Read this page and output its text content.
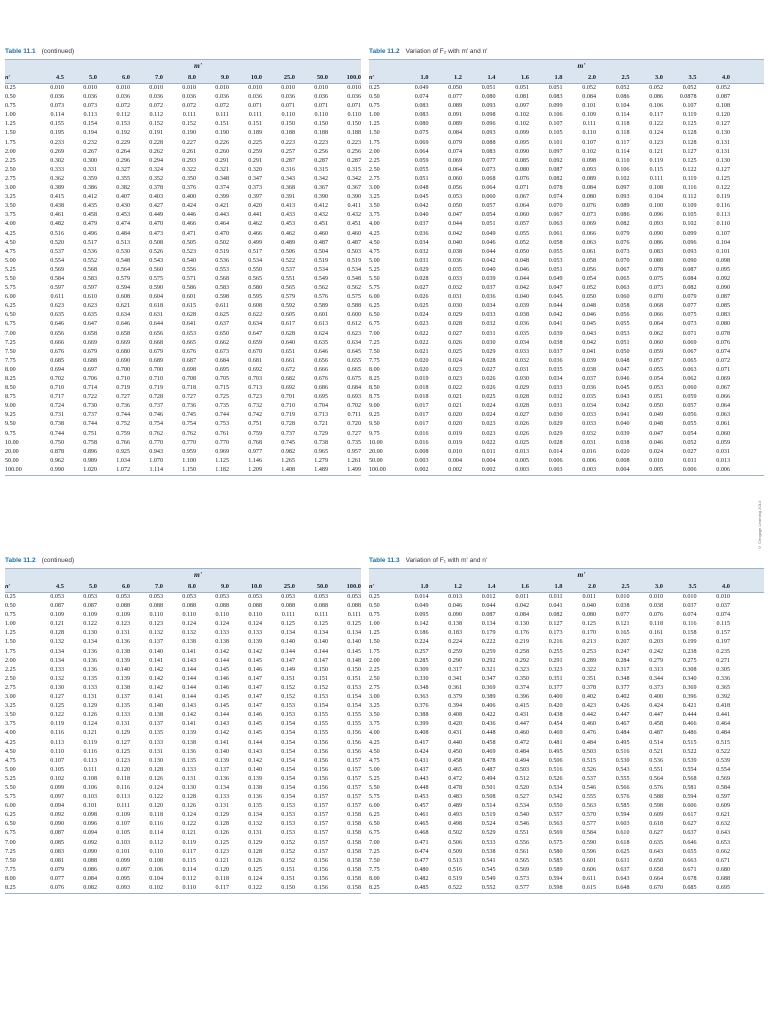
Table 11.1 (continued)
m'
n'	4.5	5.0	6.0	7.0	8.0	9.0	10.0	25.0	50.0	100.0
0.25	0.010	0.010	0.010	0.010	0.010	0.010	0.010	0.010	0.010	0.010
0.50	0.036	0.036	0.036	0.036	0.036	0.036	0.036	0.036	0.036	0.036
0.75	0.073	0.073	0.072	0.072	0.072	0.072	0.071	0.071	0.071	0.071
1.00	0.114	0.113	0.112	0.112	0.111	0.111	0.111	0.110	0.110	0.110
1.25	0.155	0.154	0.153	0.152	0.152	0.151	0.151	0.150	0.150	0.150
1.50	0.195	0.194	0.192	0.191	0.190	0.190	0.189	0.188	0.188	0.188
1.75	0.233	0.232	0.229	0.228	0.227	0.226	0.225	0.223	0.223	0.223
2.00	0.269	0.267	0.264	0.262	0.261	0.260	0.259	0.257	0.256	0.256
2.25	0.302	0.300	0.296	0.294	0.293	0.291	0.291	0.287	0.287	0.287
2.50	0.333	0.331	0.327	0.324	0.322	0.321	0.320	0.316	0.315	0.315
2.75	0.362	0.359	0.355	0.352	0.350	0.348	0.347	0.343	0.342	0.342
3.00	0.389	0.386	0.382	0.378	0.376	0.374	0.373	0.368	0.367	0.367
3.25	0.415	0.412	0.407	0.403	0.400	0.399	0.397	0.391	0.390	0.390
3.50	0.438	0.435	0.430	0.427	0.424	0.421	0.420	0.413	0.412	0.411
3.75	0.461	0.458	0.453	0.449	0.446	0.443	0.441	0.433	0.432	0.432
4.00	0.482	0.479	0.474	0.470	0.466	0.464	0.462	0.453	0.451	0.451
4.25	0.516	0.496	0.484	0.473	0.471	0.470	0.466	0.462	0.460	0.460
4.50	0.520	0.517	0.513	0.508	0.505	0.502	0.499	0.489	0.487	0.487
4.75	0.537	0.536	0.530	0.526	0.523	0.519	0.517	0.506	0.504	0.503
5.00	0.554	0.552	0.548	0.543	0.540	0.536	0.534	0.522	0.519	0.519
5.25	0.569	0.568	0.564	0.560	0.556	0.553	0.550	0.537	0.534	0.534
5.50	0.584	0.583	0.579	0.575	0.571	0.568	0.565	0.551	0.549	0.548
5.75	0.597	0.597	0.594	0.590	0.586	0.583	0.580	0.565	0.562	0.562
6.00	0.611	0.610	0.608	0.604	0.601	0.598	0.595	0.579	0.576	0.575
6.25	0.623	0.623	0.621	0.618	0.615	0.611	0.608	0.592	0.589	0.588
6.50	0.635	0.635	0.634	0.631	0.628	0.625	0.622	0.605	0.601	0.600
6.75	0.646	0.647	0.646	0.644	0.641	0.637	0.634	0.617	0.613	0.612
7.00	0.656	0.658	0.658	0.656	0.653	0.650	0.647	0.628	0.624	0.623
7.25	0.666	0.669	0.669	0.668	0.665	0.662	0.659	0.640	0.635	0.634
7.50	0.676	0.679	0.680	0.679	0.676	0.673	0.670	0.651	0.646	0.645
7.75	0.685	0.688	0.690	0.689	0.687	0.684	0.681	0.661	0.656	0.655
8.00	0.694	0.697	0.700	0.700	0.698	0.695	0.692	0.672	0.666	0.665
8.25	0.702	0.706	0.710	0.710	0.708	0.705	0.703	0.682	0.676	0.675
8.50	0.710	0.714	0.719	0.719	0.718	0.715	0.713	0.692	0.686	0.684
8.75	0.717	0.722	0.727	0.728	0.727	0.725	0.723	0.701	0.695	0.693
9.00	0.724	0.730	0.736	0.737	0.736	0.735	0.732	0.710	0.704	0.702
9.25	0.731	0.737	0.744	0.746	0.745	0.744	0.742	0.719	0.713	0.711
9.50	0.738	0.744	0.752	0.754	0.754	0.753	0.751	0.728	0.721	0.720
9.75	0.744	0.751	0.759	0.762	0.762	0.761	0.759	0.737	0.729	0.727
10.00	0.750	0.758	0.766	0.770	0.770	0.770	0.768	0.745	0.738	0.735
20.00	0.878	0.896	0.925	0.943	0.959	0.969	0.977	0.982	0.965	0.957
50.00	0.962	0.989	1.034	1.070	1.100	1.125	1.146	1.265	1.279	1.261
100.00	0.990	1.020	1.072	1.114	1.150	1.182	1.209	1.408	1.489	1.499
Table 11.2 Variation of F₂ with m' and n'
m'
n'	1.0	1.2	1.4	1.6	1.8	2.0	2.5	3.0	3.5	4.0
0.25	0.049	0.050	0.051	0.051	0.051	0.052	0.052	0.052	0.052	0.052
0.50	0.074	0.077	0.080	0.081	0.083	0.084	0.086	0.086	0.0878	0.087
0.75	0.083	0.089	0.093	0.097	0.099	0.101	0.104	0.106	0.107	0.108
1.00	0.083	0.091	0.098	0.102	0.106	0.109	0.114	0.117	0.119	0.120
1.25	0.080	0.089	0.096	0.102	0.107	0.111	0.118	0.122	0.125	0.127
1.50	0.075	0.084	0.093	0.099	0.105	0.110	0.118	0.124	0.128	0.130
1.75	0.069	0.079	0.088	0.095	0.101	0.107	0.117	0.123	0.128	0.131
2.00	0.064	0.074	0.083	0.090	0.097	0.102	0.114	0.121	0.127	0.131
2.25	0.059	0.069	0.077	0.085	0.092	0.098	0.110	0.119	0.125	0.130
2.50	0.055	0.064	0.073	0.080	0.087	0.093	0.106	0.115	0.122	0.127
2.75	0.051	0.060	0.068	0.076	0.082	0.089	0.102	0.111	0.119	0.125
3.00	0.048	0.056	0.064	0.071	0.078	0.084	0.097	0.108	0.116	0.122
3.25	0.045	0.053	0.060	0.067	0.074	0.080	0.093	0.104	0.112	0.119
3.50	0.042	0.050	0.057	0.064	0.070	0.076	0.089	0.100	0.109	0.116
3.75	0.040	0.047	0.054	0.060	0.067	0.073	0.086	0.096	0.105	0.113
4.00	0.037	0.044	0.051	0.057	0.063	0.069	0.082	0.093	0.102	0.110
4.25	0.036	0.042	0.049	0.055	0.061	0.066	0.079	0.090	0.099	0.107
4.50	0.034	0.040	0.046	0.052	0.058	0.063	0.076	0.086	0.096	0.104
4.75	0.032	0.038	0.044	0.050	0.055	0.061	0.073	0.083	0.093	0.101
5.00	0.031	0.036	0.042	0.048	0.053	0.058	0.070	0.080	0.090	0.098
5.25	0.029	0.035	0.040	0.046	0.051	0.056	0.067	0.078	0.087	0.095
5.50	0.028	0.033	0.039	0.044	0.049	0.054	0.065	0.075	0.084	0.092
5.75	0.027	0.032	0.037	0.042	0.047	0.052	0.063	0.073	0.082	0.090
6.00	0.026	0.031	0.036	0.040	0.045	0.050	0.060	0.070	0.079	0.087
6.25	0.025	0.030	0.034	0.039	0.044	0.048	0.058	0.068	0.077	0.085
6.50	0.024	0.029	0.033	0.038	0.042	0.046	0.056	0.066	0.075	0.083
6.75	0.023	0.028	0.032	0.036	0.041	0.045	0.055	0.064	0.073	0.080
7.00	0.022	0.027	0.031	0.035	0.039	0.043	0.053	0.062	0.071	0.078
7.25	0.022	0.026	0.030	0.034	0.038	0.042	0.051	0.060	0.069	0.076
7.50	0.021	0.025	0.029	0.033	0.037	0.041	0.050	0.059	0.067	0.074
7.75	0.020	0.024	0.028	0.032	0.036	0.039	0.048	0.057	0.065	0.072
8.00	0.020	0.023	0.027	0.031	0.035	0.038	0.047	0.055	0.063	0.071
8.25	0.019	0.023	0.026	0.030	0.034	0.037	0.046	0.054	0.062	0.069
8.50	0.018	0.022	0.026	0.029	0.033	0.036	0.045	0.053	0.060	0.067
8.75	0.018	0.021	0.025	0.028	0.032	0.035	0.043	0.051	0.059	0.066
9.00	0.017	0.021	0.024	0.028	0.031	0.034	0.042	0.050	0.057	0.064
9.25	0.017	0.020	0.024	0.027	0.030	0.033	0.041	0.049	0.056	0.063
9.50	0.017	0.020	0.023	0.026	0.029	0.033	0.040	0.048	0.055	0.061
9.75	0.016	0.019	0.023	0.026	0.029	0.032	0.039	0.047	0.054	0.060
10.00	0.016	0.019	0.022	0.025	0.028	0.031	0.038	0.046	0.052	0.059
20.00	0.008	0.010	0.011	0.013	0.014	0.016	0.020	0.024	0.027	0.031
50.00	0.003	0.004	0.004	0.005	0.006	0.006	0.008	0.010	0.011	0.013
100.00	0.002	0.002	0.002	0.003	0.003	0.003	0.004	0.005	0.006	0.006
Table 11.2 (continued)
m'
n'	4.5	5.0	6.0	7.0	8.0	9.0	10.0	25.0	50.0	100.0
0.25	0.053	0.053	0.053	0.053	0.053	0.053	0.053	0.053	0.053	0.053
0.50	0.087	0.087	0.088	0.088	0.088	0.088	0.088	0.088	0.088	0.088
0.75	0.109	0.109	0.109	0.110	0.110	0.110	0.110	0.111	0.111	0.111
1.00	0.121	0.122	0.123	0.123	0.124	0.124	0.124	0.125	0.125	0.125
1.25	0.128	0.130	0.131	0.132	0.132	0.133	0.133	0.134	0.134	0.134
1.50	0.132	0.134	0.136	0.137	0.138	0.138	0.139	0.140	0.140	0.140
1.75	0.134	0.136	0.138	0.140	0.141	0.142	0.142	0.144	0.144	0.145
2.00	0.134	0.136	0.139	0.141	0.143	0.144	0.145	0.147	0.147	0.148
2.25	0.133	0.136	0.140	0.142	0.144	0.145	0.146	0.149	0.150	0.150
2.50	0.132	0.135	0.139	0.142	0.144	0.146	0.147	0.151	0.151	0.151
2.75	0.130	0.133	0.138	0.142	0.144	0.146	0.147	0.152	0.152	0.153
3.00	0.127	0.131	0.137	0.141	0.144	0.145	0.147	0.152	0.153	0.154
3.25	0.125	0.129	0.135	0.140	0.143	0.145	0.147	0.153	0.154	0.154
3.50	0.122	0.126	0.133	0.138	0.142	0.144	0.146	0.153	0.155	0.155
3.75	0.119	0.124	0.131	0.137	0.141	0.143	0.145	0.154	0.155	0.155
4.00	0.116	0.121	0.129	0.135	0.139	0.142	0.145	0.154	0.155	0.156
4.25	0.113	0.119	0.127	0.133	0.138	0.141	0.144	0.154	0.156	0.156
4.50	0.110	0.116	0.125	0.131	0.136	0.140	0.143	0.154	0.156	0.156
4.75	0.107	0.113	0.123	0.130	0.135	0.139	0.142	0.154	0.156	0.157
5.00	0.105	0.111	0.120	0.128	0.133	0.137	0.140	0.154	0.156	0.157
5.25	0.102	0.108	0.118	0.126	0.131	0.136	0.139	0.154	0.156	0.157
5.50	0.099	0.106	0.116	0.124	0.130	0.134	0.138	0.154	0.156	0.157
5.75	0.097	0.103	0.113	0.122	0.128	0.133	0.136	0.154	0.157	0.157
6.00	0.094	0.101	0.111	0.120	0.126	0.131	0.135	0.153	0.157	0.157
6.25	0.092	0.098	0.109	0.118	0.124	0.129	0.134	0.153	0.157	0.158
6.50	0.090	0.096	0.107	0.116	0.122	0.128	0.132	0.153	0.157	0.158
6.75	0.087	0.094	0.105	0.114	0.121	0.126	0.131	0.153	0.157	0.158
7.00	0.085	0.092	0.103	0.112	0.119	0.125	0.129	0.152	0.157	0.158
7.25	0.083	0.090	0.101	0.110	0.117	0.123	0.128	0.152	0.157	0.158
7.50	0.081	0.088	0.099	0.108	0.115	0.121	0.126	0.152	0.156	0.158
7.75	0.079	0.086	0.097	0.106	0.114	0.120	0.125	0.151	0.156	0.158
8.00	0.077	0.084	0.095	0.104	0.112	0.118	0.124	0.151	0.156	0.158
8.25	0.076	0.082	0.093	0.102	0.110	0.117	0.122	0.150	0.156	0.158
Table 11.3 Variation of F₁ with m' and n'
m'
n'	1.0	1.2	1.4	1.6	1.8	2.0	2.5	3.0	3.5	4.0
0.25	0.014	0.013	0.012	0.011	0.011	0.011	0.010	0.010	0.010	0.010
0.50	0.049	0.046	0.044	0.042	0.041	0.040	0.038	0.038	0.037	0.037
0.75	0.095	0.090	0.087	0.084	0.082	0.080	0.077	0.076	0.074	0.074
1.00	0.142	0.138	0.134	0.130	0.127	0.125	0.121	0.118	0.116	0.115
1.25	0.186	0.183	0.179	0.176	0.173	0.170	0.165	0.161	0.158	0.157
1.50	0.224	0.224	0.222	0.219	0.216	0.213	0.207	0.203	0.199	0.197
1.75	0.257	0.259	0.259	0.258	0.255	0.253	0.247	0.242	0.238	0.235
2.00	0.285	0.290	0.292	0.292	0.291	0.289	0.284	0.279	0.275	0.271
2.25	0.309	0.317	0.321	0.323	0.323	0.322	0.317	0.313	0.308	0.305
2.50	0.330	0.341	0.347	0.350	0.351	0.351	0.348	0.344	0.340	0.336
2.75	0.348	0.361	0.369	0.374	0.377	0.378	0.377	0.373	0.369	0.365
3.00	0.363	0.379	0.389	0.396	0.400	0.402	0.402	0.400	0.396	0.392
3.25	0.376	0.394	0.406	0.415	0.420	0.423	0.426	0.424	0.421	0.418
3.50	0.388	0.408	0.422	0.431	0.438	0.442	0.447	0.447	0.444	0.441
3.75	0.399	0.420	0.436	0.447	0.454	0.460	0.467	0.458	0.466	0.464
4.00	0.408	0.431	0.448	0.460	0.469	0.476	0.484	0.487	0.486	0.484
4.25	0.417	0.440	0.458	0.472	0.481	0.484	0.495	0.514	0.515	0.515
4.50	0.424	0.450	0.469	0.484	0.495	0.503	0.516	0.521	0.522	0.522
4.75	0.431	0.458	0.478	0.494	0.506	0.515	0.530	0.536	0.539	0.539
5.00	0.437	0.465	0.487	0.503	0.516	0.526	0.543	0.551	0.554	0.554
5.25	0.443	0.472	0.494	0.512	0.526	0.537	0.555	0.564	0.568	0.569
5.50	0.448	0.478	0.501	0.520	0.534	0.546	0.566	0.576	0.581	0.584
5.75	0.453	0.483	0.508	0.527	0.542	0.555	0.576	0.588	0.594	0.597
6.00	0.457	0.489	0.514	0.534	0.550	0.563	0.585	0.598	0.606	0.609
6.25	0.461	0.493	0.519	0.540	0.557	0.570	0.594	0.609	0.617	0.621
6.50	0.465	0.498	0.524	0.546	0.563	0.577	0.603	0.618	0.627	0.632
6.75	0.468	0.502	0.529	0.551	0.569	0.584	0.610	0.627	0.637	0.643
7.00	0.471	0.506	0.533	0.556	0.575	0.590	0.618	0.635	0.646	0.653
7.25	0.474	0.509	0.538	0.561	0.580	0.596	0.625	0.643	0.655	0.662
7.50	0.477	0.513	0.541	0.565	0.585	0.601	0.631	0.650	0.663	0.671
7.75	0.480	0.516	0.545	0.569	0.589	0.606	0.637	0.658	0.671	0.680
8.00	0.482	0.519	0.549	0.573	0.594	0.611	0.643	0.664	0.678	0.688
8.25	0.485	0.522	0.552	0.577	0.598	0.615	0.648	0.670	0.685	0.695
© Cengage Learning 2014
